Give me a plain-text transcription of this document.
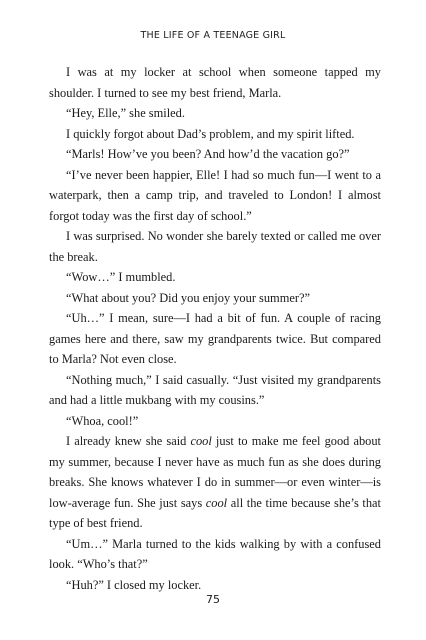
THE LIFE OF A TEENAGE GIRL

I was at my locker at school when someone tapped my shoulder. I turned to see my best friend, Marla.

“Hey, Elle,” she smiled.

I quickly forgot about Dad’s problem, and my spirit lifted.

“Marls! How’ve you been? And how’d the vacation go?”

“I’ve never been happier, Elle! I had so much fun—I went to a waterpark, then a camp trip, and traveled to London! I almost forgot today was the first day of school.”

I was surprised. No wonder she barely texted or called me over the break.

“Wow…” I mumbled.

“What about you? Did you enjoy your summer?”

“Uh…” I mean, sure—I had a bit of fun. A couple of racing games here and there, saw my grandparents twice. But compared to Marla? Not even close.

“Nothing much,” I said casually. “Just visited my grandparents and had a little mukbang with my cousins.”

“Whoa, cool!”

I already knew she said cool just to make me feel good about my summer, because I never have as much fun as she does during breaks. She knows whatever I do in summer—or even winter—is low-average fun. She just says cool all the time because she’s that type of best friend.

“Um…” Marla turned to the kids walking by with a confused look. “Who’s that?”

“Huh?” I closed my locker.

75
